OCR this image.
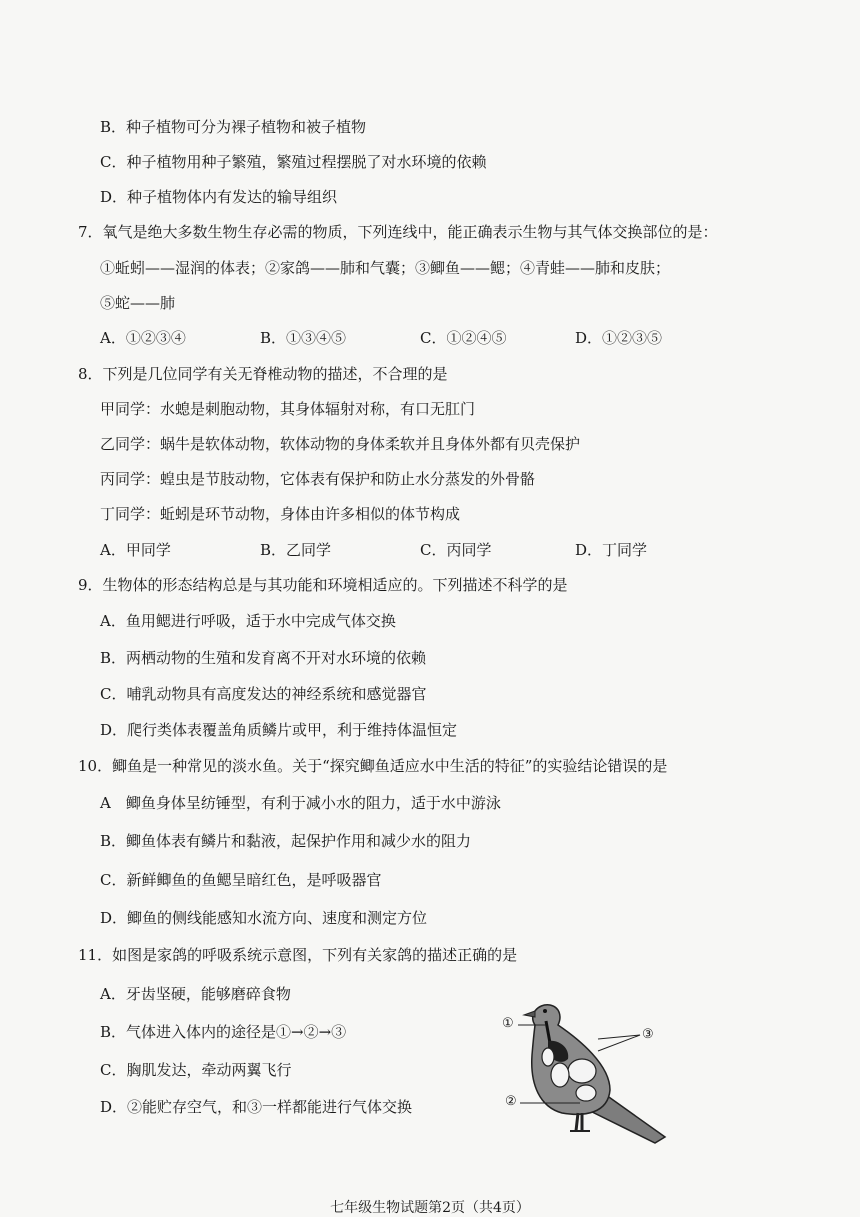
B．种子植物可分为裸子植物和被子植物
C．种子植物用种子繁殖，繁殖过程摆脱了对水环境的依赖
D．种子植物体内有发达的输导组织
7．氧气是绝大多数生物生存必需的物质，下列连线中，能正确表示生物与其气体交换部位的是：
①蚯蚓——湿润的体表；②家鸽——肺和气囊；③鲫鱼——鳃；④青蛙——肺和皮肤；
⑤蛇——肺
A．①②③④	B．①③④⑤	C．①②④⑤	D．①②③⑤
8．下列是几位同学有关无脊椎动物的描述，不合理的是
甲同学：水螅是刺胞动物，其身体辐射对称，有口无肛门
乙同学：蜗牛是软体动物，软体动物的身体柔软并且身体外都有贝壳保护
丙同学：蝗虫是节肢动物，它体表有保护和防止水分蒸发的外骨骼
丁同学：蚯蚓是环节动物，身体由许多相似的体节构成
A．甲同学	B．乙同学	C．丙同学	D．丁同学
9．生物体的形态结构总是与其功能和环境相适应的。下列描述不科学的是
A．鱼用鳃进行呼吸，适于水中完成气体交换
B．两栖动物的生殖和发育离不开对水环境的依赖
C．哺乳动物具有高度发达的神经系统和感觉器官
D．爬行类体表覆盖角质鳞片或甲，利于维持体温恒定
10．鲫鱼是一种常见的淡水鱼。关于“探究鲫鱼适应水中生活的特征”的实验结论错误的是
A　鲫鱼身体呈纺锤型，有利于减小水的阻力，适于水中游泳
B．鲫鱼体表有鳞片和黏液，起保护作用和减少水的阻力
C．新鲜鲫鱼的鱼鳃呈暗红色，是呼吸器官
D．鲫鱼的侧线能感知水流方向、速度和测定方位
11．如图是家鸽的呼吸系统示意图，下列有关家鸽的描述正确的是
A．牙齿坚硬，能够磨碎食物
B．气体进入体内的途径是①→②→③
C．胸肌发达，牵动两翼飞行
D．②能贮存空气，和③一样都能进行气体交换
①
②
③
七年级生物试题第2页（共4页）
